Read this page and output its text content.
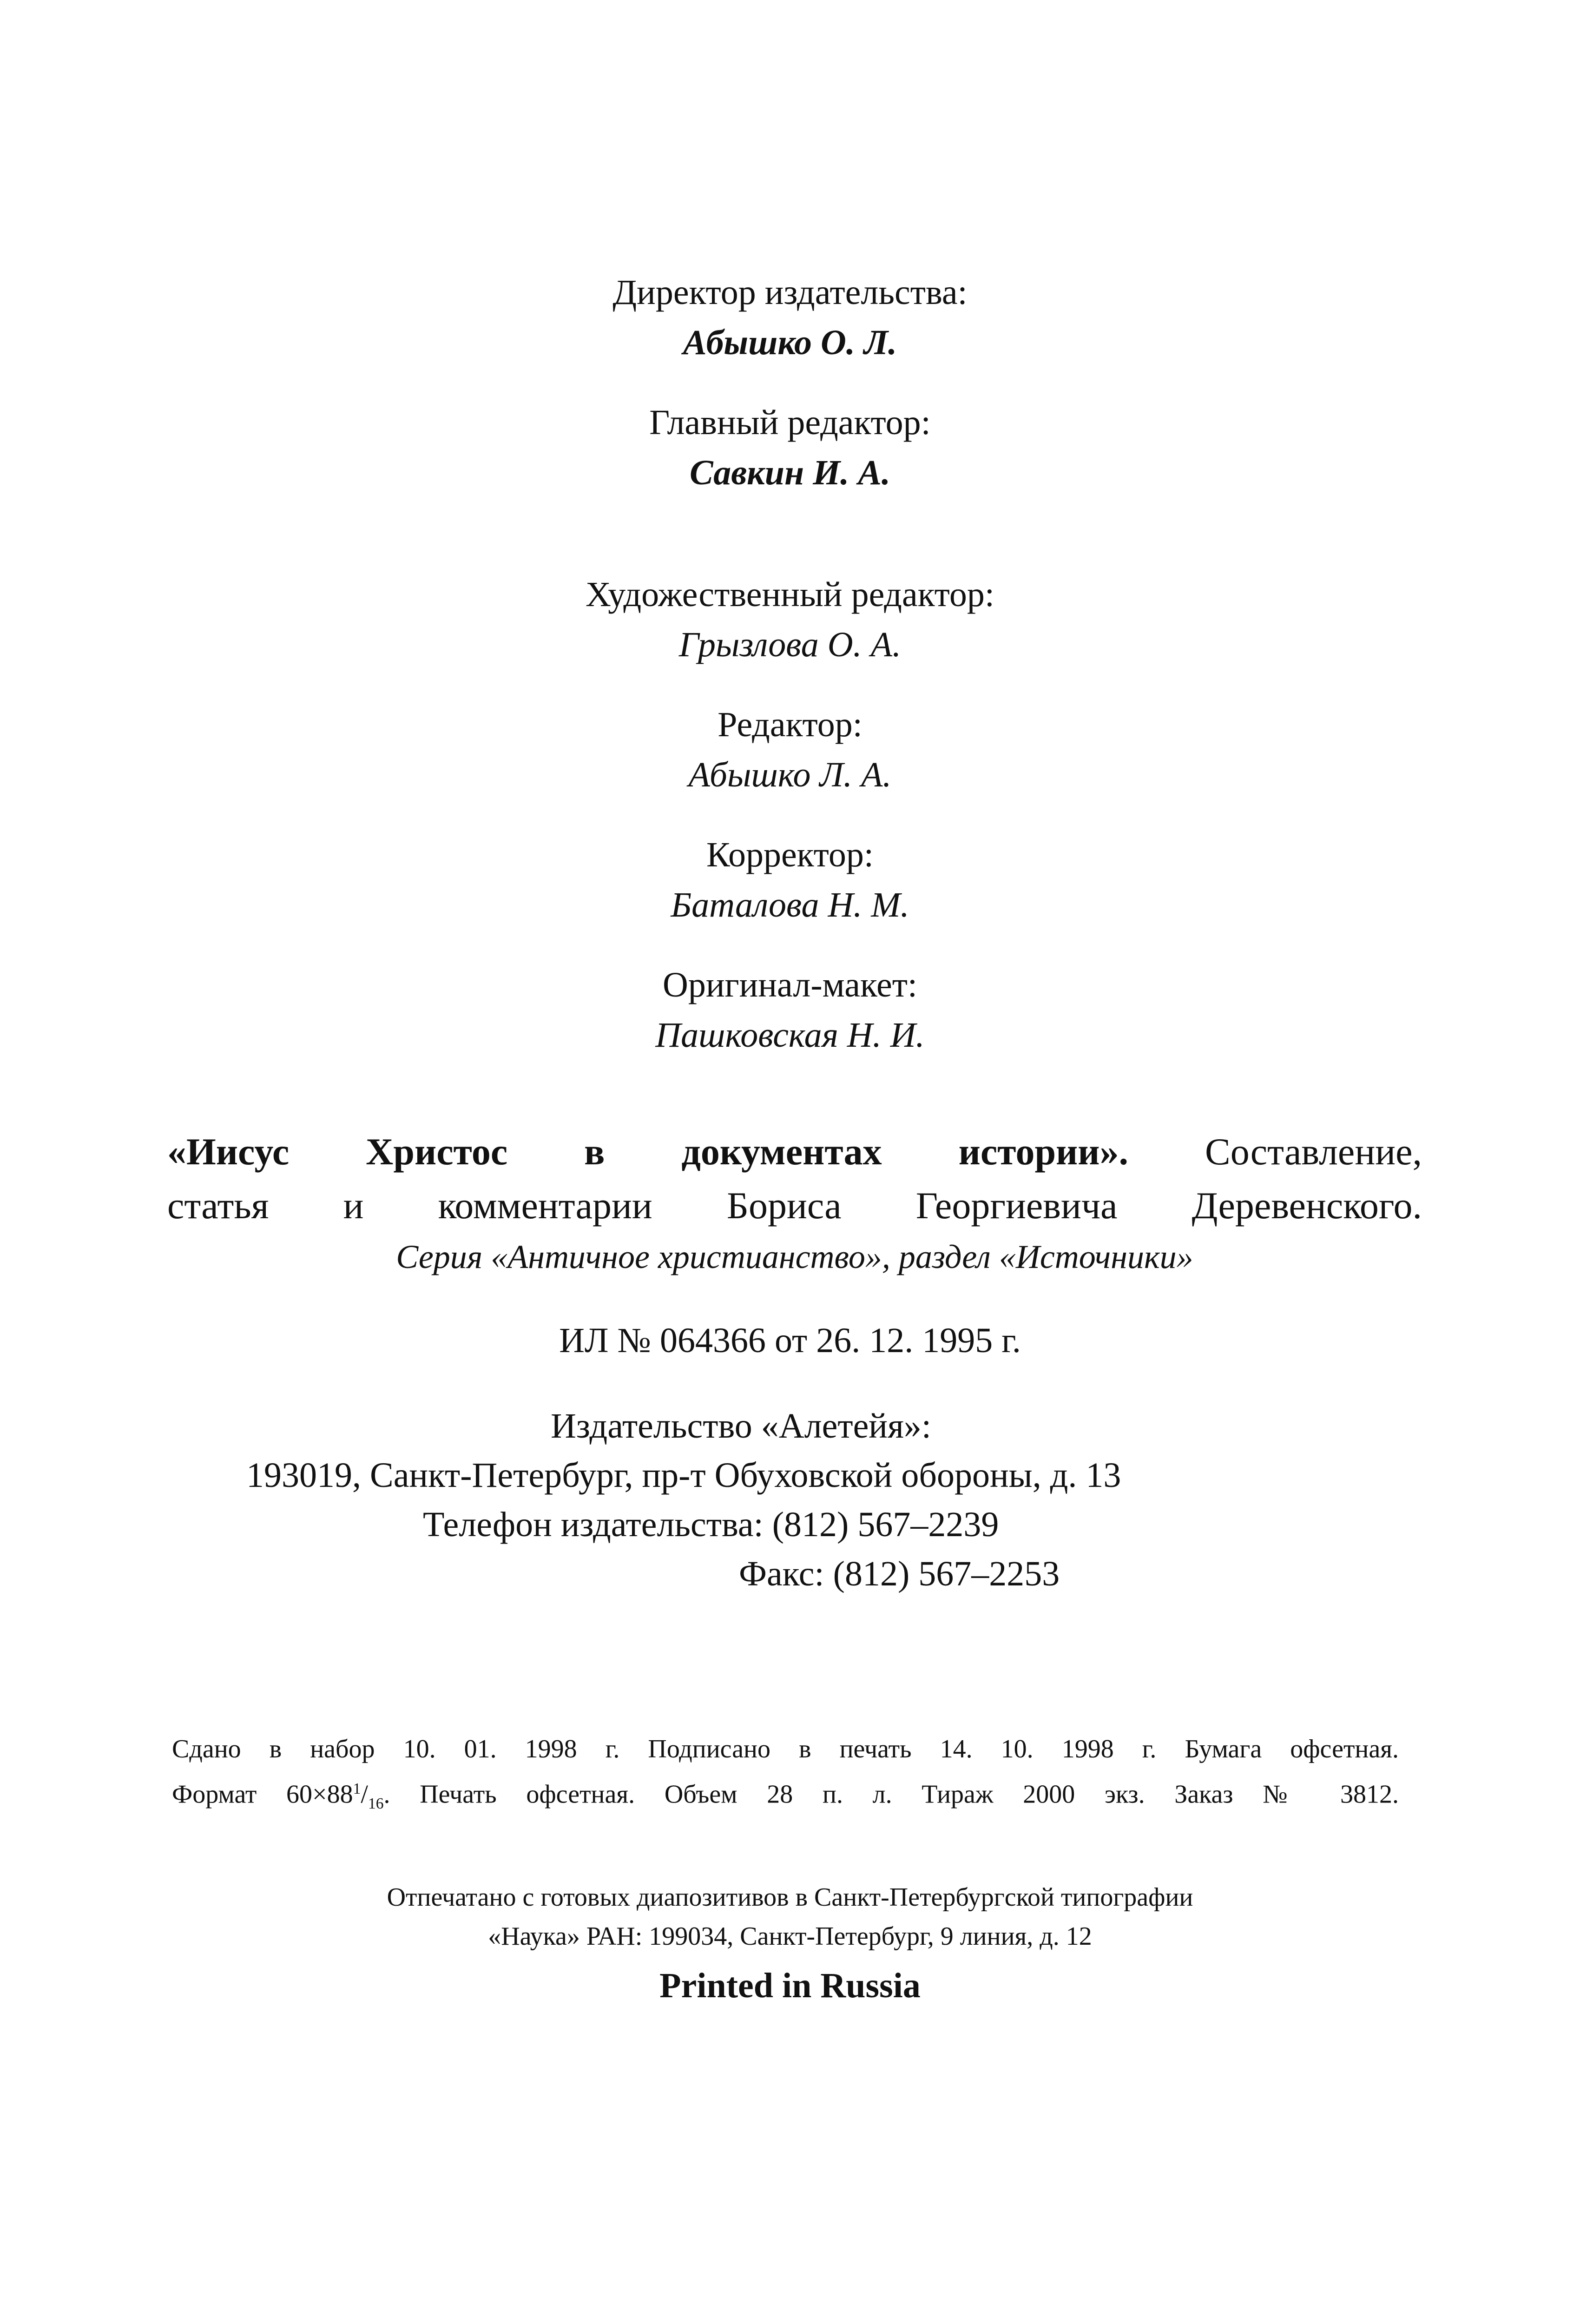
Директор издательства:
Абышко О. Л.
Главный редактор:
Савкин И. А.
Художественный редактор:
Грызлова О. А.
Редактор:
Абышко Л. А.
Корректор:
Баталова Н. М.
Оригинал-макет:
Пашковская Н. И.
«Иисус Христос в документах истории». Составление,
статья и комментарии Бориса Георгиевича Деревенского.
Серия «Античное христианство», раздел «Источники»
ИЛ № 064366 от 26. 12. 1995 г.
Издательство «Алетейя»:
193019, Санкт-Петербург, пр-т Обуховской обороны, д. 13
Телефон издательства: (812) 567–2239
Факс: (812) 567–2253
Сдано в набор 10. 01. 1998 г. Подписано в печать 14. 10. 1998 г. Бумага офсетная.
Формат $60\times 88^1/_{16}$. Печать офсетная. Объем 28 п. л. Тираж 2000 экз. Заказ № 3812.
Отпечатано с готовых диапозитивов в Санкт-Петербургской типографии
«Наука» РАН: 199034, Санкт-Петербург, 9 линия, д. 12
Printed in Russia
